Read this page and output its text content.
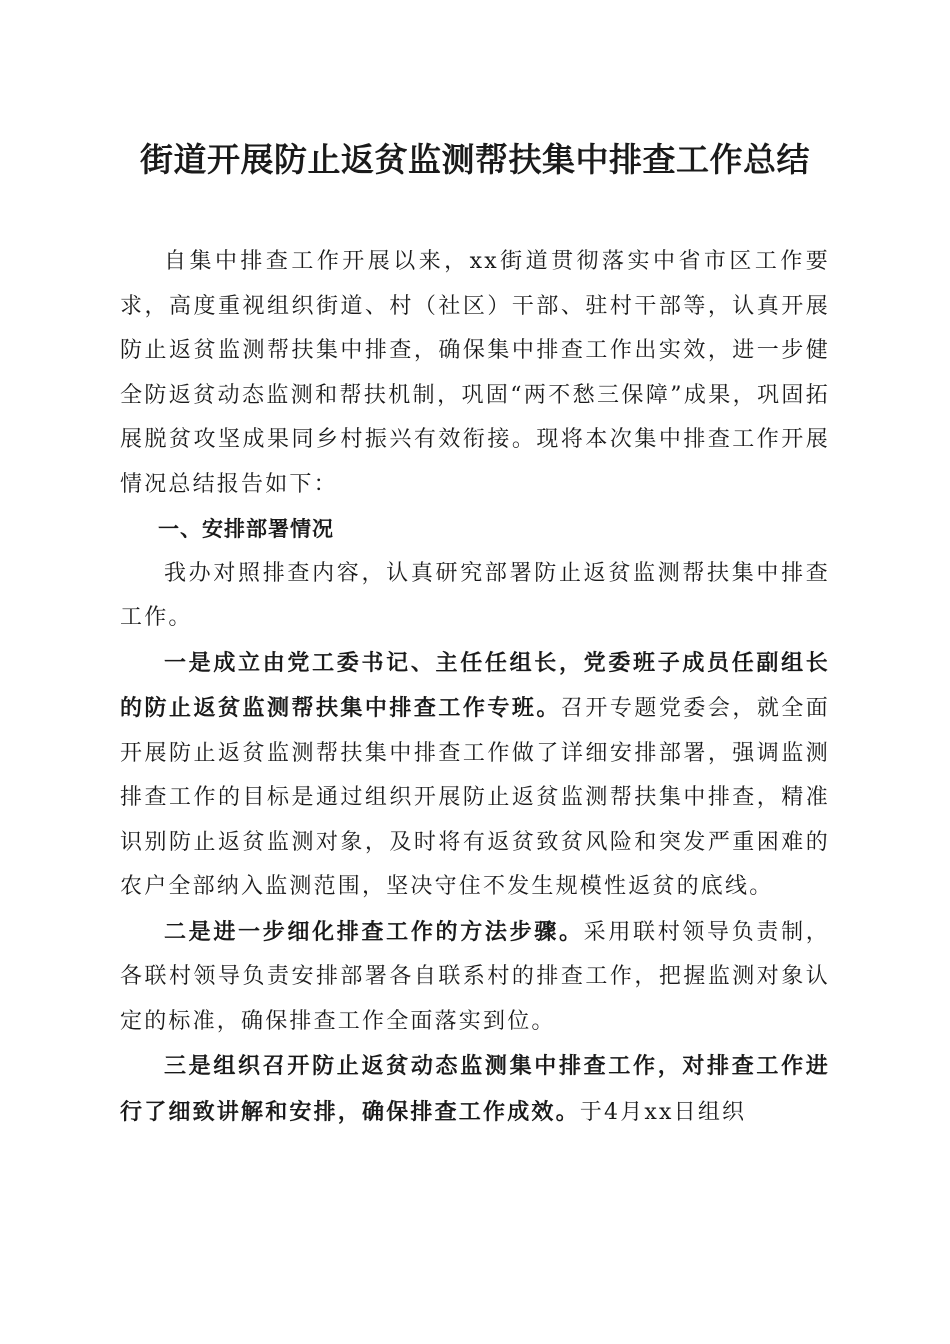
街道开展防止返贫监测帮扶集中排查工作总结

自集中排查工作开展以来，xx街道贯彻落实中省市区工作要求，高度重视组织街道、村（社区）干部、驻村干部等，认真开展防止返贫监测帮扶集中排查，确保集中排查工作出实效，进一步健全防返贫动态监测和帮扶机制，巩固“两不愁三保障”成果，巩固拓展脱贫攻坚成果同乡村振兴有效衔接。现将本次集中排查工作开展情况总结报告如下：

一、安排部署情况

我办对照排查内容，认真研究部署防止返贫监测帮扶集中排查工作。

一是成立由党工委书记、主任任组长，党委班子成员任副组长的防止返贫监测帮扶集中排查工作专班。召开专题党委会，就全面开展防止返贫监测帮扶集中排查工作做了详细安排部署，强调监测排查工作的目标是通过组织开展防止返贫监测帮扶集中排查，精准识别防止返贫监测对象，及时将有返贫致贫风险和突发严重困难的农户全部纳入监测范围，坚决守住不发生规模性返贫的底线。

二是进一步细化排查工作的方法步骤。采用联村领导负责制，各联村领导负责安排部署各自联系村的排查工作，把握监测对象认定的标准，确保排查工作全面落实到位。

三是组织召开防止返贫动态监测集中排查工作，对排查工作进行了细致讲解和安排，确保排查工作成效。于4月xx日组织
